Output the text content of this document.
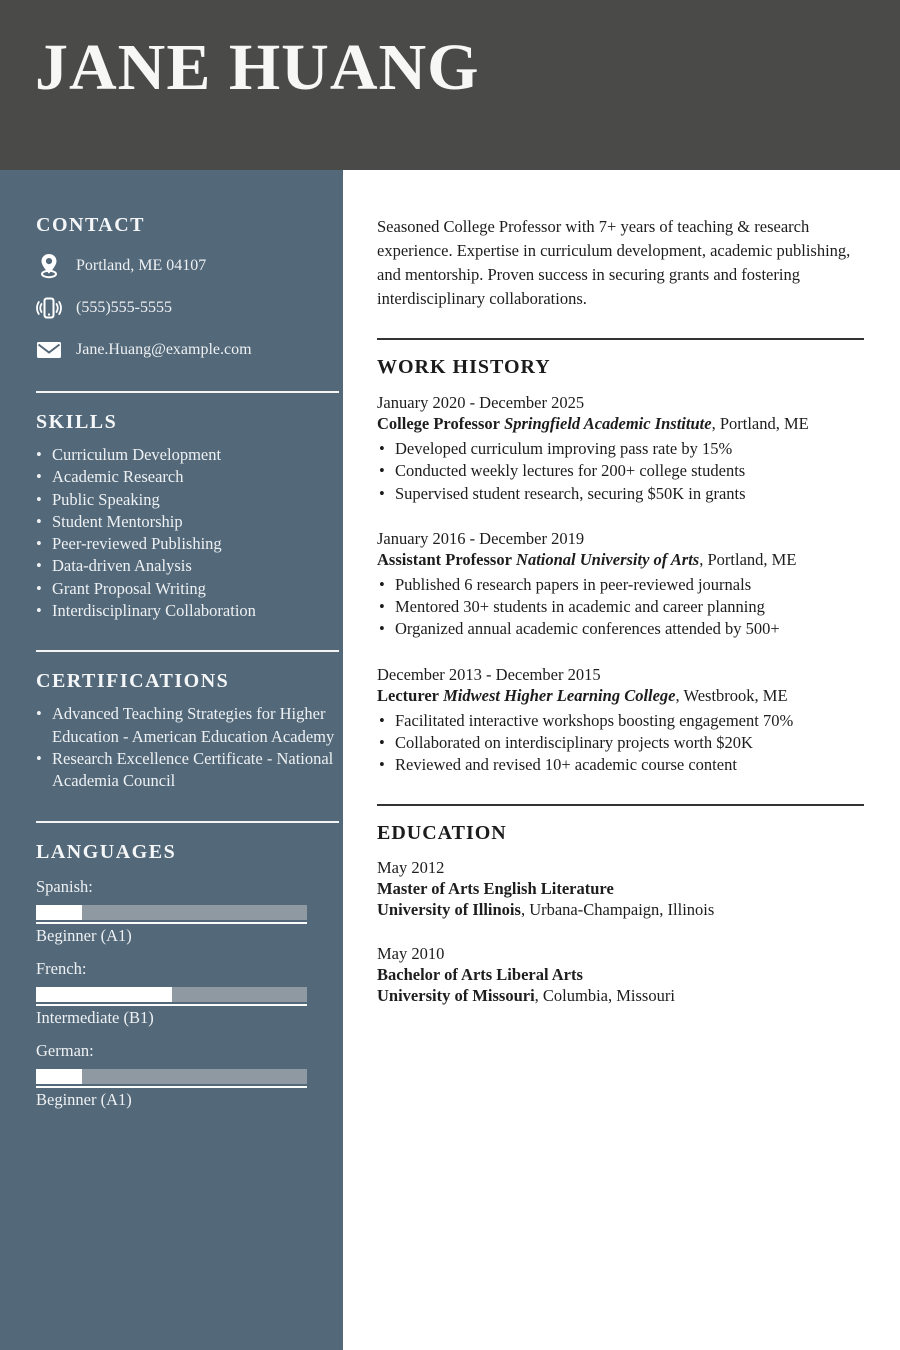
JANE HUANG
CONTACT
Portland, ME 04107
(555)555-5555
Jane.Huang@example.com
SKILLS
• Curriculum Development
• Academic Research
• Public Speaking
• Student Mentorship
• Peer-reviewed Publishing
• Data-driven Analysis
• Grant Proposal Writing
• Interdisciplinary Collaboration
CERTIFICATIONS
• Advanced Teaching Strategies for Higher Education - American Education Academy
• Research Excellence Certificate - National Academia Council
LANGUAGES
Spanish:
Beginner (A1)
French:
Intermediate (B1)
German:
Beginner (A1)

Seasoned College Professor with 7+ years of teaching & research experience. Expertise in curriculum development, academic publishing, and mentorship. Proven success in securing grants and fostering interdisciplinary collaborations.

WORK HISTORY
January 2020 - December 2025
College Professor Springfield Academic Institute, Portland, ME
• Developed curriculum improving pass rate by 15%
• Conducted weekly lectures for 200+ college students
• Supervised student research, securing $50K in grants
January 2016 - December 2019
Assistant Professor National University of Arts, Portland, ME
• Published 6 research papers in peer-reviewed journals
• Mentored 30+ students in academic and career planning
• Organized annual academic conferences attended by 500+
December 2013 - December 2015
Lecturer Midwest Higher Learning College, Westbrook, ME
• Facilitated interactive workshops boosting engagement 70%
• Collaborated on interdisciplinary projects worth $20K
• Reviewed and revised 10+ academic course content
EDUCATION
May 2012
Master of Arts English Literature
University of Illinois, Urbana-Champaign, Illinois
May 2010
Bachelor of Arts Liberal Arts
University of Missouri, Columbia, Missouri
